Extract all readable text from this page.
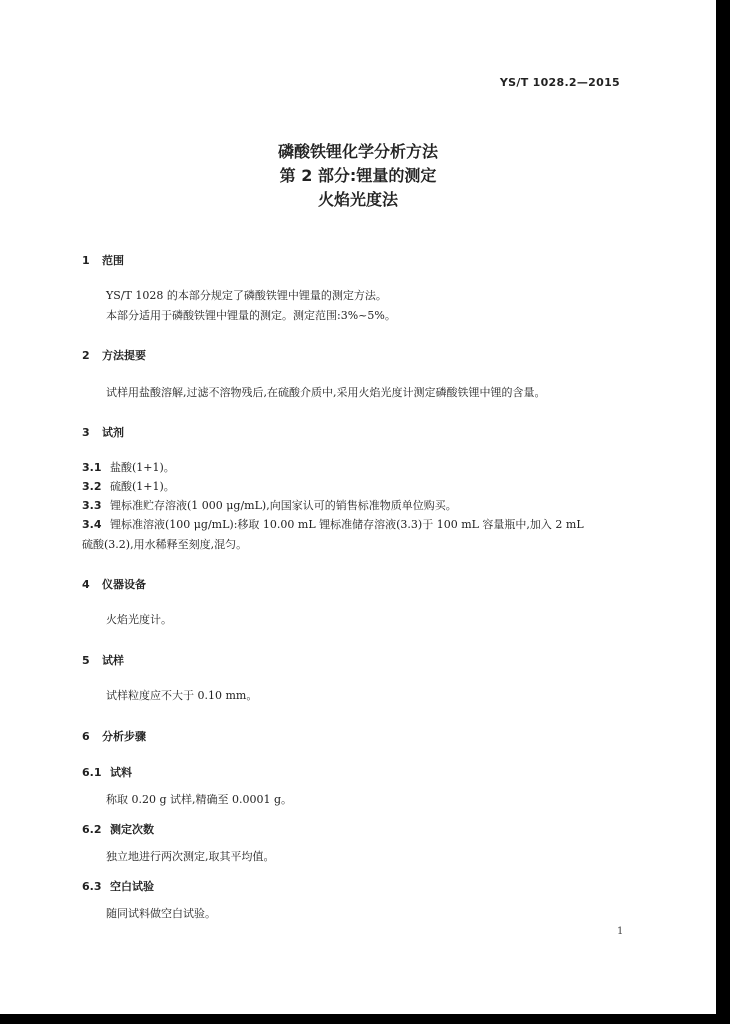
YS/T 1028.2—2015
磷酸铁锂化学分析方法
第 2 部分:锂量的测定
火焰光度法
1 范围
YS/T 1028 的本部分规定了磷酸铁锂中锂量的测定方法。
本部分适用于磷酸铁锂中锂量的测定。测定范围:3%~5%。
2 方法提要
试样用盐酸溶解,过滤不溶物残后,在硫酸介质中,采用火焰光度计测定磷酸铁锂中锂的含量。
3 试剂
3.1 盐酸(1+1)。
3.2 硫酸(1+1)。
3.3 锂标准贮存溶液(1 000 μg/mL),向国家认可的销售标准物质单位购买。
3.4 锂标准溶液(100 μg/mL):移取 10.00 mL 锂标准储存溶液(3.3)于 100 mL 容量瓶中,加入 2 mL
硫酸(3.2),用水稀释至刻度,混匀。
4 仪器设备
火焰光度计。
5 试样
试样粒度应不大于 0.10 mm。
6 分析步骤
6.1 试料
称取 0.20 g 试样,精确至 0.0001 g。
6.2 测定次数
独立地进行两次测定,取其平均值。
6.3 空白试验
随同试料做空白试验。
1
